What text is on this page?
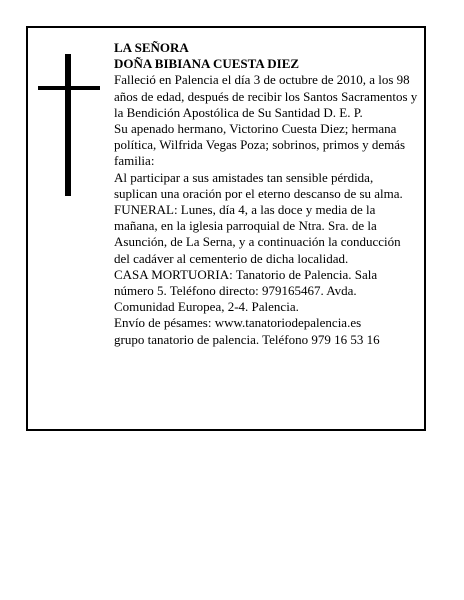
LA SEÑORA
DOÑA BIBIANA CUESTA DIEZ
Falleció en Palencia el día 3 de octubre de 2010, a los 98 años de edad, después de recibir los Santos Sacramentos y la Bendición Apostólica de Su Santidad D. E. P.
Su apenado hermano, Victorino Cuesta Diez; hermana política, Wilfrida Vegas Poza; sobrinos, primos y demás familia:
Al participar a sus amistades tan sensible pérdida, suplican una oración por el eterno descanso de su alma.
FUNERAL: Lunes, día 4, a las doce y media de la mañana, en la iglesia parroquial de Ntra. Sra. de la Asunción, de La Serna, y a continuación la conducción del cadáver al cementerio de dicha localidad.
CASA MORTUORIA: Tanatorio de Palencia. Sala número 5. Teléfono directo: 979165467. Avda. Comunidad Europea, 2-4. Palencia.
Envío de pésames: www.tanatoriodepalencia.es
grupo tanatorio de palencia. Teléfono 979 16 53 16
